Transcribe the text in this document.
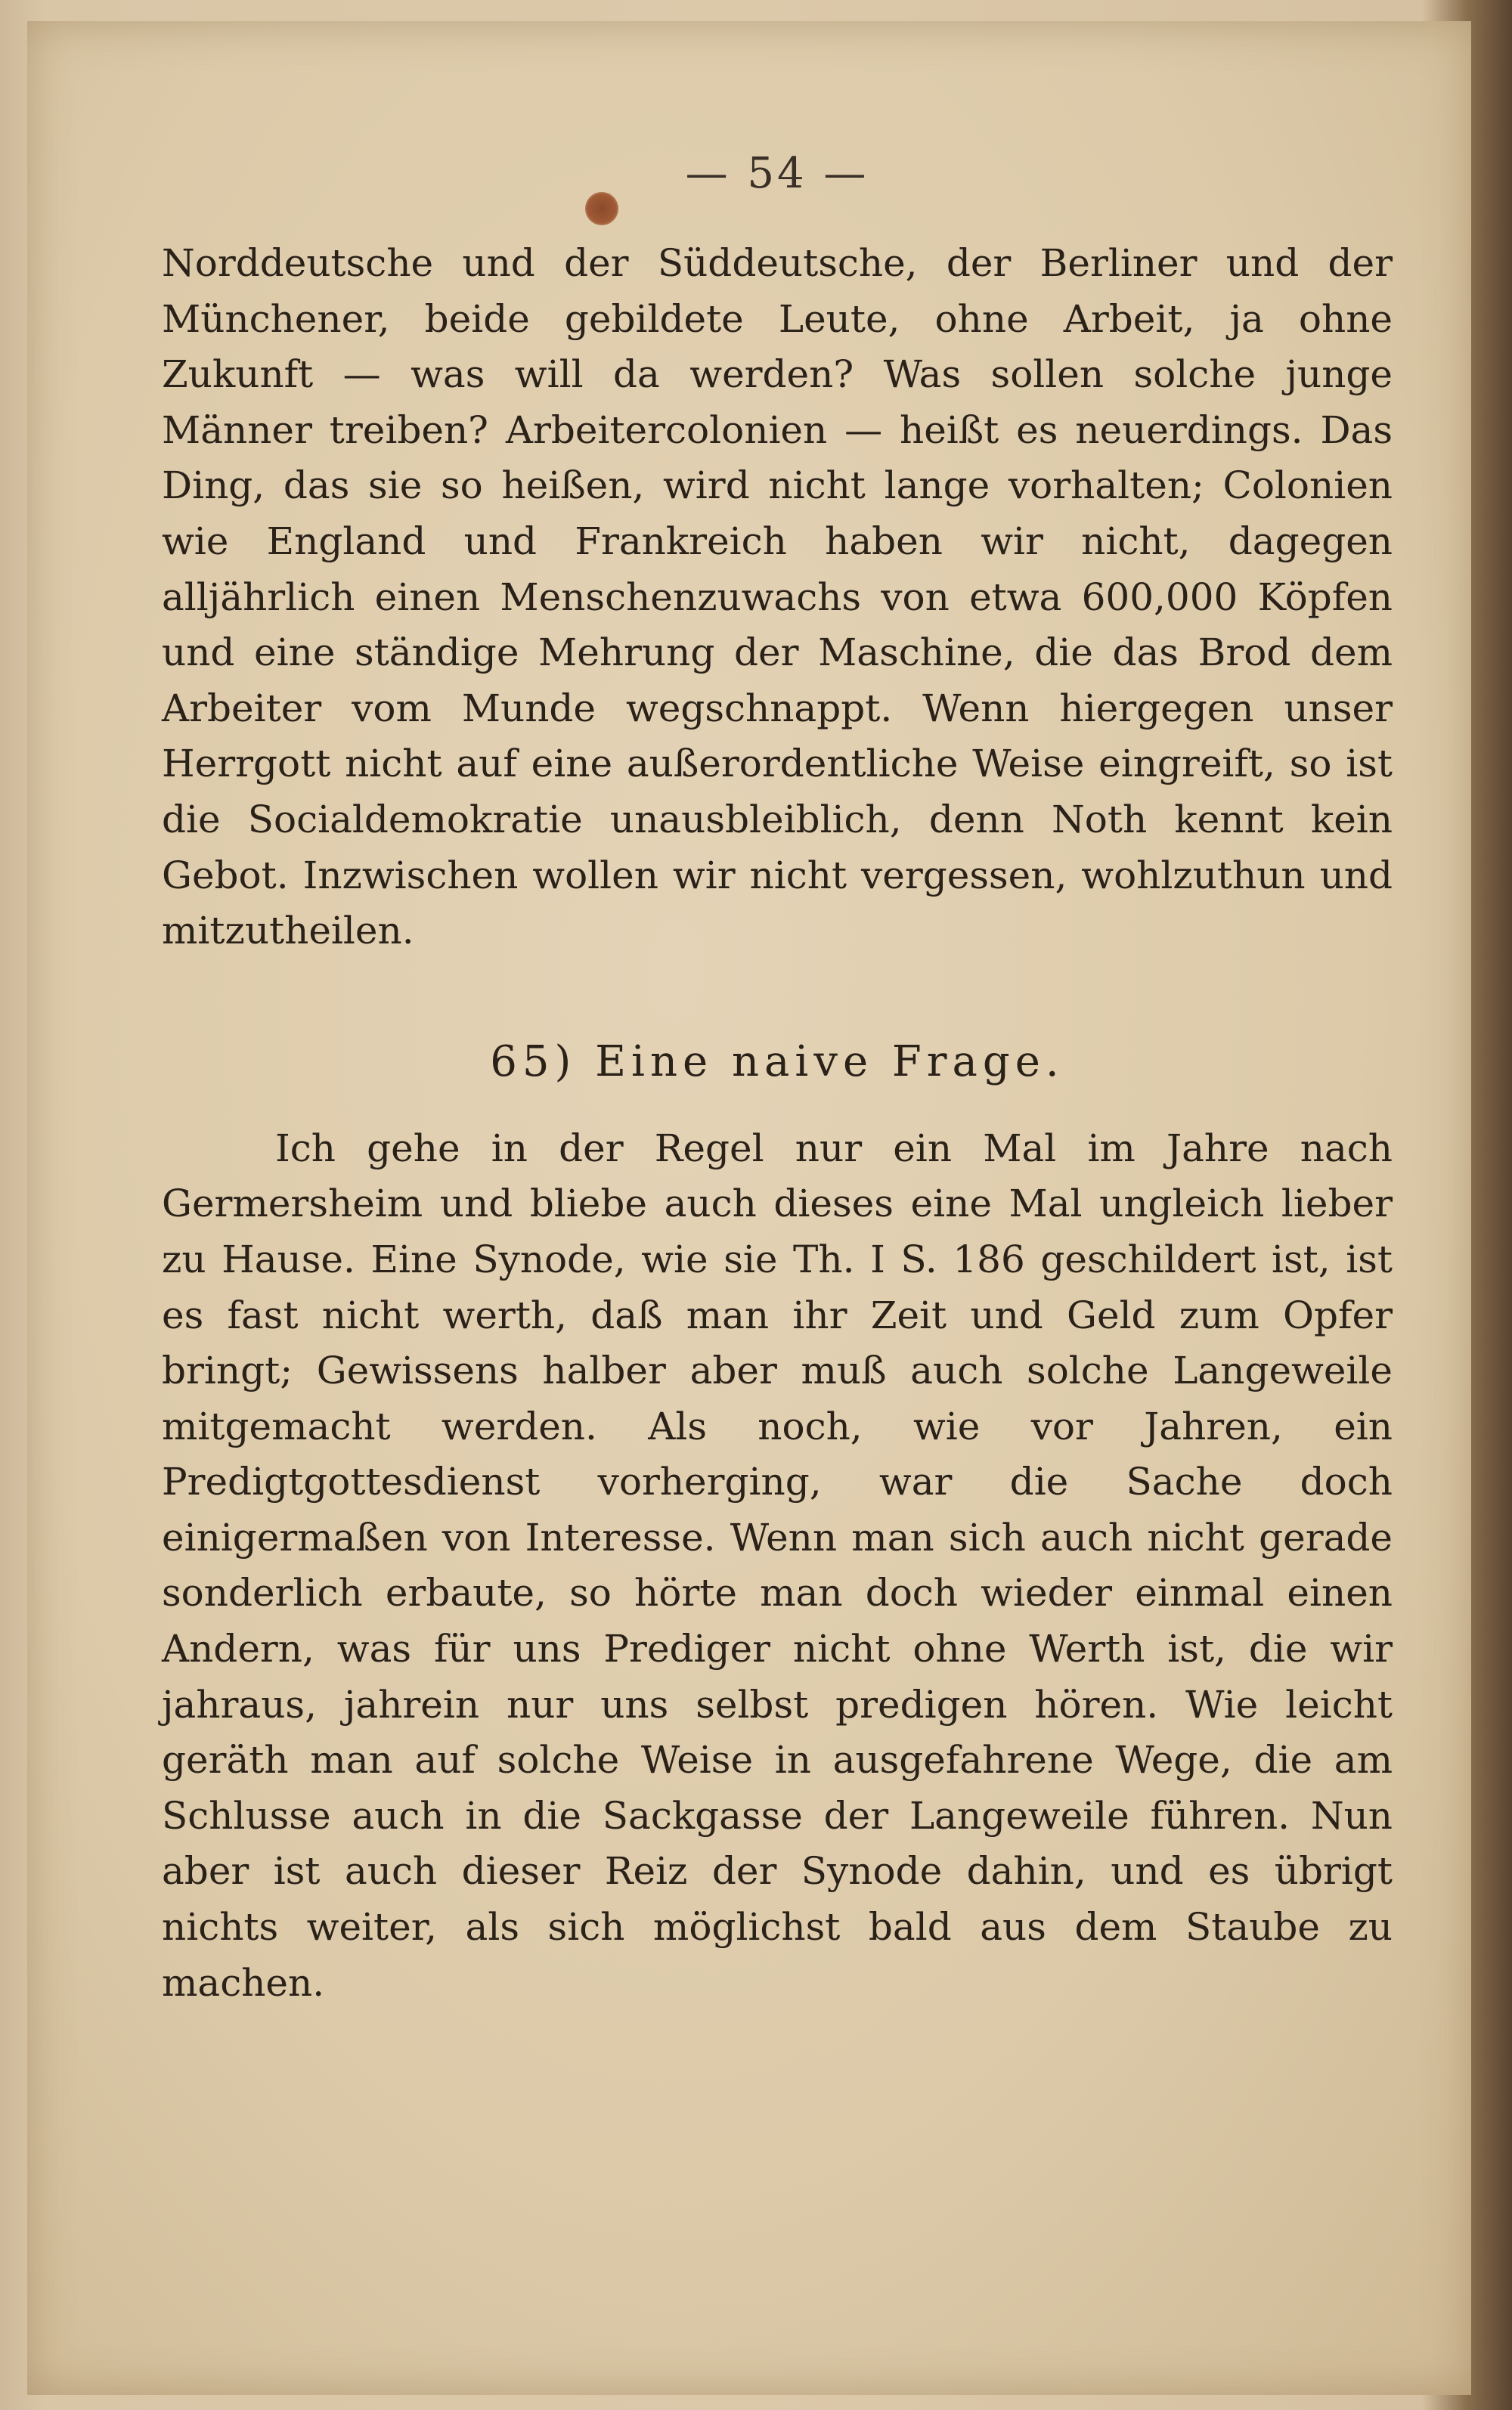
— 54 —

Norddeutsche und der Süddeutsche, der Berliner und der Münchener, beide gebildete Leute, ohne Arbeit, ja ohne Zukunft — was will da werden? Was sollen solche junge Männer treiben? Arbeitercolonien — heißt es neuerdings. Das Ding, das sie so heißen, wird nicht lange vorhalten; Colonien wie England und Frankreich haben wir nicht, dagegen alljährlich einen Menschenzuwachs von etwa 600,000 Köpfen und eine ständige Mehrung der Maschine, die das Brod dem Arbeiter vom Munde wegschnappt. Wenn hiergegen unser Herrgott nicht auf eine außerordentliche Weise eingreift, so ist die Socialdemokratie unausbleiblich, denn Noth kennt kein Gebot. Inzwischen wollen wir nicht vergessen, wohlzuthun und mitzutheilen.

65) Eine naive Frage.

Ich gehe in der Regel nur ein Mal im Jahre nach Germersheim und bliebe auch dieses eine Mal ungleich lieber zu Hause. Eine Synode, wie sie Th. I S. 186 geschildert ist, ist es fast nicht werth, daß man ihr Zeit und Geld zum Opfer bringt; Gewissens halber aber muß auch solche Langeweile mitgemacht werden. Als noch, wie vor Jahren, ein Predigtgottesdienst vorherging, war die Sache doch einigermaßen von Interesse. Wenn man sich auch nicht gerade sonderlich erbaute, so hörte man doch wieder einmal einen Andern, was für uns Prediger nicht ohne Werth ist, die wir jahraus, jahrein nur uns selbst predigen hören. Wie leicht geräth man auf solche Weise in ausgefahrene Wege, die am Schlusse auch in die Sackgasse der Langeweile führen. Nun aber ist auch dieser Reiz der Synode dahin, und es übrigt nichts weiter, als sich möglichst bald aus dem Staube zu machen.
